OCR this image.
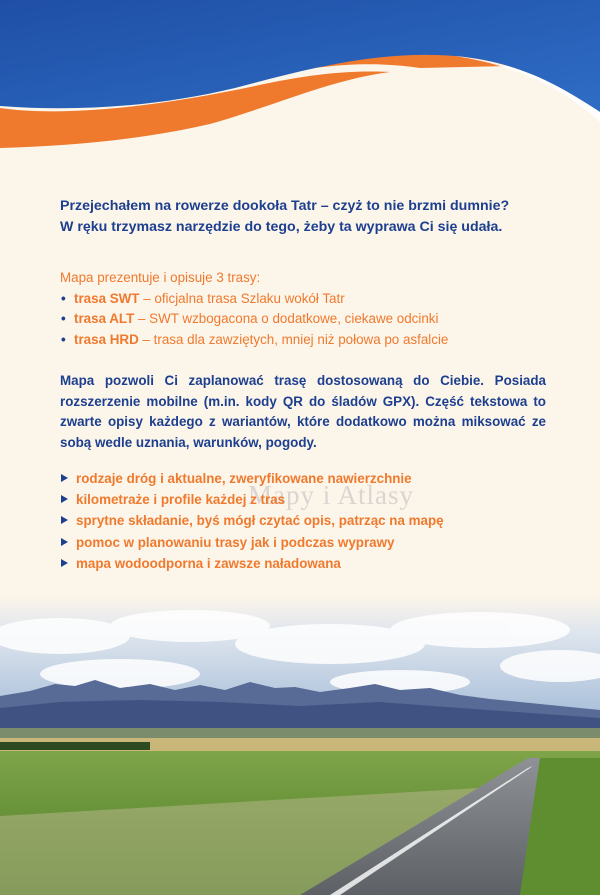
Przejechałem na rowerze dookoła Tatr – czyż to nie brzmi dumnie?

W ręku trzymasz narzędzie do tego, żeby ta wyprawa Ci się udała.

Mapa prezentuje i opisuje 3 trasy:

• trasa SWT – oficjalna trasa Szlaku wokół Tatr
• trasa ALT – SWT wzbogacona o dodatkowe, ciekawe odcinki
• trasa HRD – trasa dla zawziętych, mniej niż połowa po asfalcie

Mapa pozwoli Ci zaplanować trasę dostosowaną do Ciebie. Posiada rozszerzenie mobilne (m.in. kody QR do śladów GPX). Część tekstowa to zwarte opisy każdego z wariantów, które dodatkowo można miksować ze sobą wedle uznania, warunków, pogody.

Mapy i Atlasy
rodzaje dróg i aktualne, zweryfikowane nawierzchnie
kilometraże i profile każdej z tras
sprytne składanie, byś mógł czytać opis, patrząc na mapę
pomoc w planowaniu trasy jak i podczas wyprawy
mapa wodoodporna i zawsze naładowana
